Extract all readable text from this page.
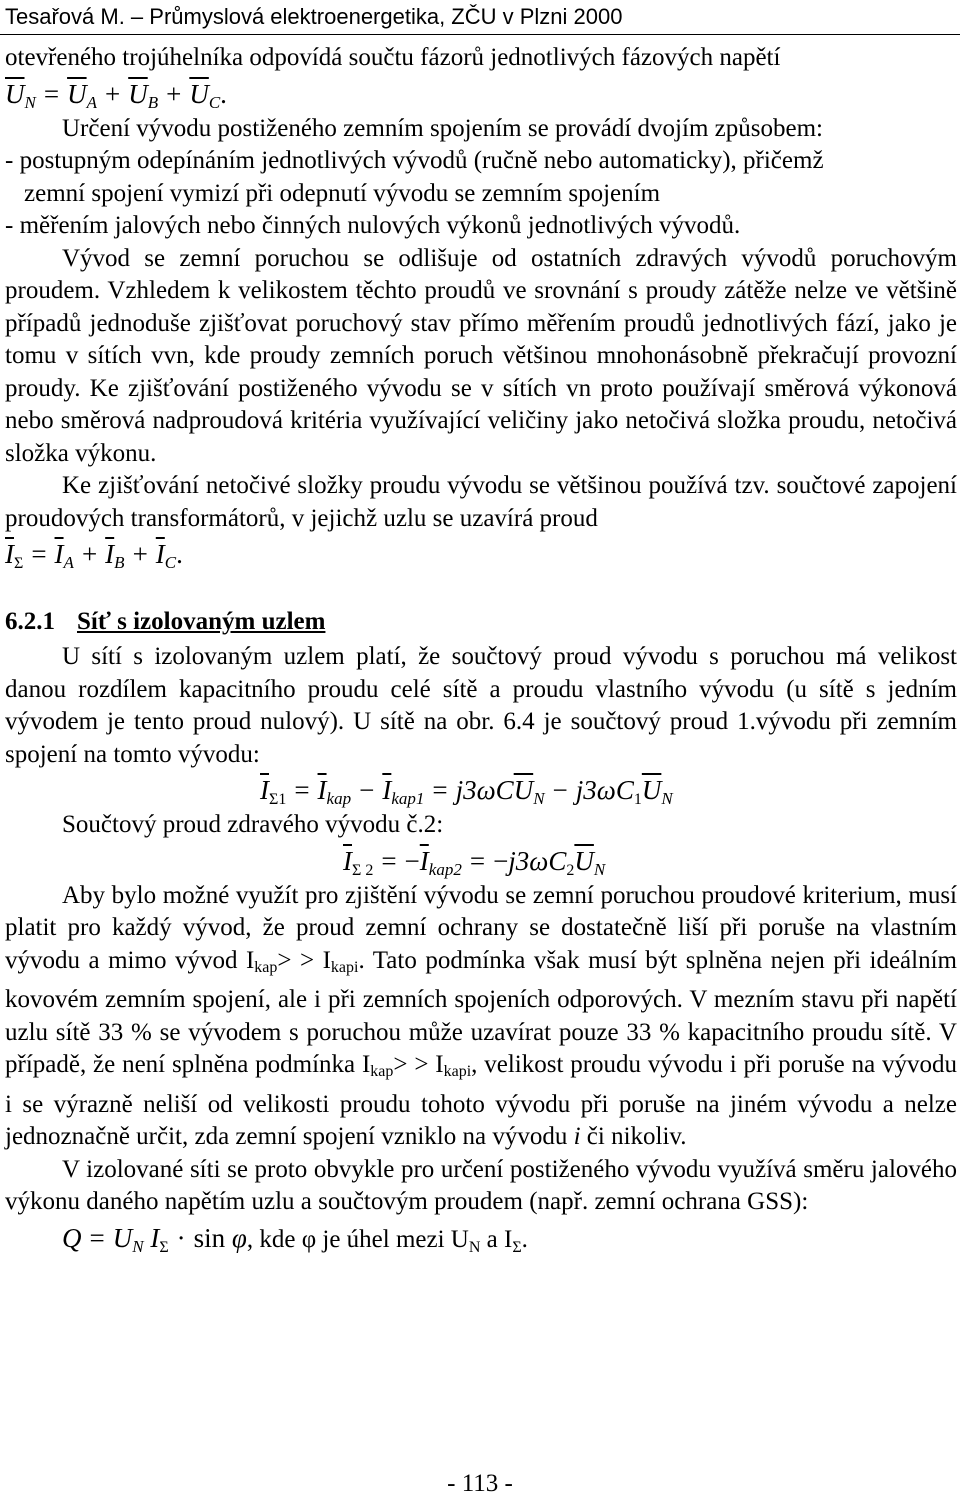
Tesařová M. – Průmyslová elektroenergetika, ZČU v Plzni 2000

otevřeného trojúhelníka odpovídá součtu fázorů jednotlivých fázových napětí

$\overline{U}_N = \overline{U}_A + \overline{U}_B + \overline{U}_C$.

Určení vývodu postiženého zemním spojením se provádí dvojím způsobem:

- postupným odepínáním jednotlivých vývodů (ručně nebo automaticky), přičemž

zemní spojení vymizí při odepnutí vývodu se zemním spojením

- měřením jalových nebo činných nulových výkonů jednotlivých vývodů.

Vývod se zemní poruchou se odlišuje od ostatních zdravých vývodů poruchovým proudem. Vzhledem k velikostem těchto proudů ve srovnání s proudy zátěže nelze ve většině případů jednoduše zjišťovat poruchový stav přímo měřením proudů jednotlivých fází, jako je tomu v sítích vvn, kde proudy zemních poruch většinou mnohonásobně překračují provozní proudy. Ke zjišťování postiženého vývodu se v sítích vn proto používají směrová výkonová nebo směrová nadproudová kritéria využívající veličiny jako netočivá složka proudu, netočivá složka výkonu.

Ke zjišťování netočivé složky proudu vývodu se většinou používá tzv. součtové zapojení proudových transformátorů, v jejichž uzlu se uzavírá proud

$\overline{I}\Sigma = \overline{I}_A + \overline{I}_B + \overline{I}_C$.
6.2.1 Síť s izolovaným uzlem

U sítí s izolovaným uzlem platí, že součtový proud vývodu s poruchou má velikost danou rozdílem kapacitního proudu celé sítě a proudu vlastního vývodu (u sítě s jedním vývodem je tento proud nulový). U sítě na obr. 6.4 je součtový proud 1.vývodu při zemním spojení na tomto vývodu:

$\overline{I}\Sigma 1 = \overline{I}_{kap} - \overline{I}_{kap1} = j3\omega C\overline{U}_N - j3\omega C1\overline{U}_N$

Součtový proud zdravého vývodu č.2:

$\overline{I}\Sigma$ $2 = -\overline{I}_{kap2} = -j3\omega C2\overline{U}_N$

Aby bylo možné využít pro zjištění vývodu se zemní poruchou proudové kriterium, musí platit pro každý vývod, že proud zemní ochrany se dostatečně liší při poruše na vlastním vývodu a mimo vývod Ikap> > Ikapi. Tato podmínka však musí být splněna nejen při ideálním kovovém zemním spojení, ale i při zemních spojeních odporových. V mezním stavu při napětí uzlu sítě 33 % se vývodem s poruchou může uzavírat pouze 33 % kapacitního proudu sítě. V případě, že není splněna podmínka Ikap> > Ikapi, velikost proudu vývodu i při poruše na vývodu i se výrazně neliší od velikosti proudu tohoto vývodu při poruše na jiném vývodu a nelze jednoznačně určit, zda zemní spojení vzniklo na vývodu i či nikoliv.

V izolované síti se proto obvykle pro určení postiženého vývodu využívá směru jalového výkonu daného napětím uzlu a součtovým proudem (např. zemní ochrana GSS):

$Q = U_N$ IΣ · sin φ, kde φ je úhel mezi UN a IΣ.
- 113 -
